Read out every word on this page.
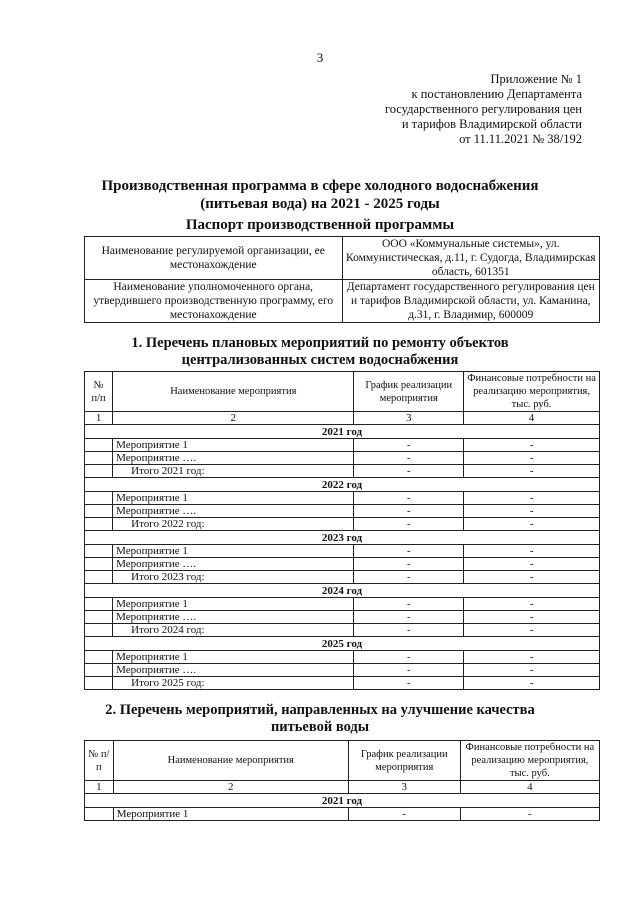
3
Приложение № 1
к постановлению Департамента
государственного регулирования цен
и тарифов Владимирской области
от 11.11.2021 № 38/192
Производственная программа в сфере холодного водоснабжения
(питьевая вода) на 2021 - 2025 годы
Паспорт производственной программы
Наименование регулируемой организации, ее местонахождение	ООО «Коммунальные системы», ул. Коммунистическая, д.11, г. Судогда, Владимирская область, 601351
Наименование уполномоченного органа, утвердившего производственную программу, его местонахождение	Департамент государственного регулирования цен и тарифов Владимирской области, ул. Каманина, д.31, г. Владимир, 600009
1. Перечень плановых мероприятий по ремонту объектов
централизованных систем водоснабжения
№ п/п	Наименование мероприятия	График реализации мероприятия	Финансовые потребности на реализацию мероприятия, тыс. руб.
1	2	3	4
2021 год			
	Мероприятие 1	-	-
	Мероприятие ….	-	-
	Итого 2021 год:	-	-
2022 год			
	Мероприятие 1	-	-
	Мероприятие ….	-	-
	Итого 2022 год:	-	-
2023 год			
	Мероприятие 1	-	-
	Мероприятие ….	-	-
	Итого 2023 год:	-	-
2024 год			
	Мероприятие 1	-	-
	Мероприятие ….	-	-
	Итого 2024 год:	-	-
2025 год			
	Мероприятие 1	-	-
	Мероприятие ….	-	-
	Итого 2025 год:	-	-
2. Перечень мероприятий, направленных на улучшение качества
питьевой воды
№ п/п	Наименование мероприятия	График реализации мероприятия	Финансовые потребности на реализацию мероприятия, тыс. руб.
1	2	3	4
2021 год			
	Мероприятие 1	-	-
